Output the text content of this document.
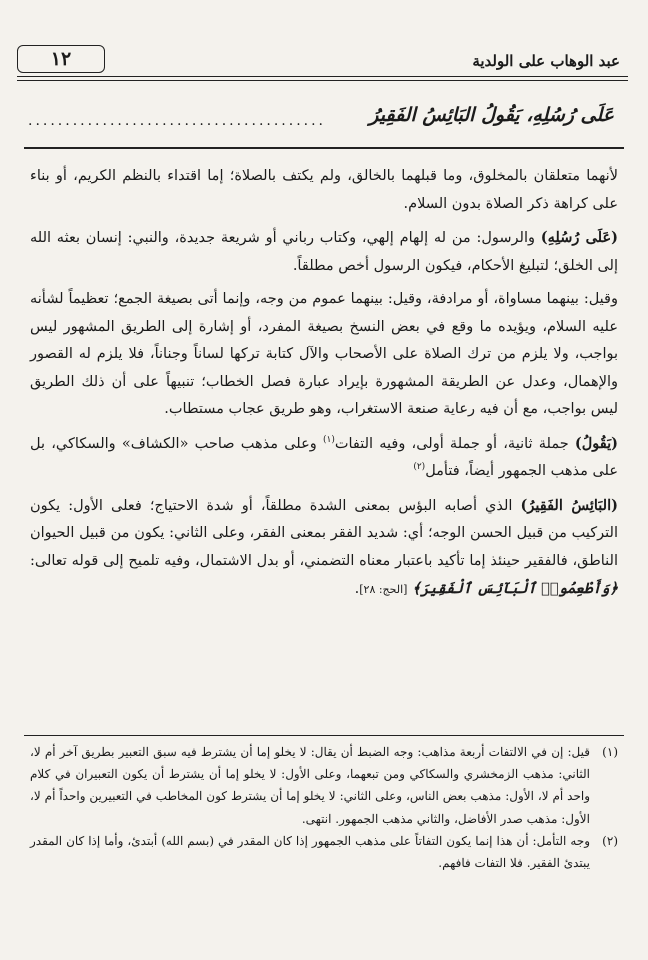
١٢	عبد الوهاب على الولدية
عَلَى رُسُلِهِ، يَقُولُ البَائِسُ الفَقِيرُ
........................................

لأنهما متعلقان بالمخلوق، وما قبلهما بالخالق، ولم يكتف بالصلاة؛ إما اقتداء بالنظم الكريم، أو بناء على كراهة ذكر الصلاة بدون السلام.

(عَلَى رُسُلِهِ) والرسول: من له إلهام إلهي، وكتاب رباني أو شريعة جديدة، والنبي: إنسان بعثه الله إلى الخلق؛ لتبليغ الأحكام، فيكون الرسول أخص مطلقاً.

وقيل: بينهما مساواة، أو مرادفة، وقيل: بينهما عموم من وجه، وإنما أتى بصيغة الجمع؛ تعظيماً لشأنه عليه السلام، ويؤيده ما وقع في بعض النسخ بصيغة المفرد، أو إشارة إلى الطريق المشهور ليس بواجب، ولا يلزم من ترك الصلاة على الأصحاب والآل كتابة تركها لساناً وجناناً، فلا يلزم له القصور والإهمال، وعدل عن الطريقة المشهورة بإيراد عبارة فصل الخطاب؛ تنبيهاً على أن ذلك الطريق ليس بواجب، مع أن فيه رعاية صنعة الاستغراب، وهو طريق عجاب مستطاب.

(يَقُولُ) جملة ثانية، أو جملة أولى، وفيه التفات$^{(١)}$ وعلى مذهب صاحب «الكشاف» والسكاكي، بل على مذهب الجمهور أيضاً، فتأمل$^{(٢)}$

(البَائِسُ الفَقِيرُ) الذي أصابه البؤس بمعنى الشدة مطلقاً، أو شدة الاحتياج؛ فعلى الأول: يكون التركيب من قبيل الحسن الوجه؛ أي: شديد الفقر بمعنى الفقر، وعلى الثاني: يكون من قبيل الحيوان الناطق، فالفقير حينئذ إما تأكيد باعتبار معناه التضمني، أو بدل الاشتمال، وفيه تلميح إلى قوله تعالى: ﴿وَأَطْعِمُوا۟ ٱلْبَآئِسَ ٱلْفَقِيرَ﴾ [الحج: ٢٨].

(١)
قيل: إن في الالتفات أربعة مذاهب: وجه الضبط أن يقال: لا يخلو إما أن يشترط فيه سبق التعبير بطريق آخر أم لا، الثاني: مذهب الزمخشري والسكاكي ومن تبعهما، وعلى الأول: لا يخلو إما أن يشترط أن يكون التعبيران في كلام واحد أم لا، الأول: مذهب بعض الناس، وعلى الثاني: لا يخلو إما أن يشترط كون المخاطب في التعبيرين واحداً أم لا، الأول: مذهب صدر الأفاضل، والثاني مذهب الجمهور. انتهى.
(٢)
وجه التأمل: أن هذا إنما يكون التفاتاً على مذهب الجمهور إذا كان المقدر في (بسم الله) أبتدئ، وأما إذا كان المقدر يبتدئ الفقير. فلا التفات فافهم.
